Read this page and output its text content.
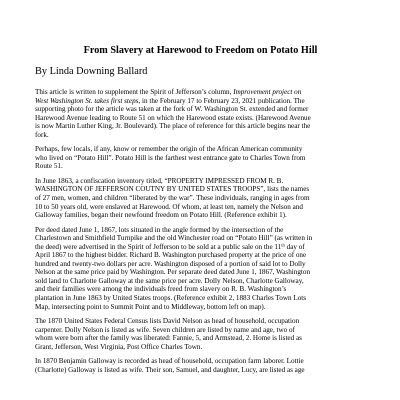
From Slavery at Harewood to Freedom on Potato Hill

By Linda Downing Ballard

This article is written to supplement the Spirit of Jefferson’s column, Improvement project on
West Washington St. takes first steps, in the February 17 to February 23, 2021 publication. The
supporting photo for the article was taken at the fork of W. Washington St. extended and former
Harewood Avenue leading to Route 51 on which the Harewood estate exists. (Harewood Avenue
is now Martin Luther King, Jr. Boulevard). The place of reference for this article begins near the
fork.

Perhaps, few locals, if any, know or remember the origin of the African American community
who lived on “Potato Hill”. Potato Hill is the farthest west entrance gate to Charles Town from
Route 51.

In June 1863, a confiscation inventory titled, “PROPERTY IMPRESSED FROM R. B.
WASHINGTON OF JEFFERSON COUTNY BY UNITED STATES TROOPS”, lists the names
of 27 men, women, and children “liberated by the war”. These individuals, ranging in ages from
10 to 50 years old, were enslaved at Harewood. Of whom, at least ten, namely the Nelson and
Galloway families, began their newfound freedom on Potato Hill. (Reference exhibit 1).

Per deed dated June 1, 1867, lots situated in the angle formed by the intersection of the
Charlestown and Smithfield Turnpike and the old Winchester road on “Potato Hill” (as written in
the deed) were advertised in the Spirit of Jefferson to be sold at a public sale on the 11th day of
April 1867 to the highest bidder. Richard B. Washington purchased property at the price of one
hundred and twenty-two dollars per acre. Washington disposed of a portion of said lot to Dolly
Nelson at the same price paid by Washington. Per separate deed dated June 1, 1867, Washington
sold land to Charlotte Galloway at the same price per acre. Dolly Nelson, Charlotte Galloway,
and their families were among the individuals freed from slavery on R. B. Washington’s
plantation in June 1863 by United States troops. (Reference exhibit 2, 1883 Charles Town Lots
Map, intersecting point to Summit Point and to Middleway, bottom left on map).

The 1870 United States Federal Census lists David Nelson as head of household, occupation
carpenter. Dolly Nelson is listed as wife. Seven children are listed by name and age, two of
whom were born after the family was liberated: Fannie, 5, and Armstead, 2. Home is listed as
Grant, Jefferson, West Virginia, Post Office Charles Town.

In 1870 Benjamin Galloway is recorded as head of household, occupation farm laborer. Lottie
(Charlotte) Galloway is listed as wife. Their son, Samuel, and daughter, Lucy, are listed as age
